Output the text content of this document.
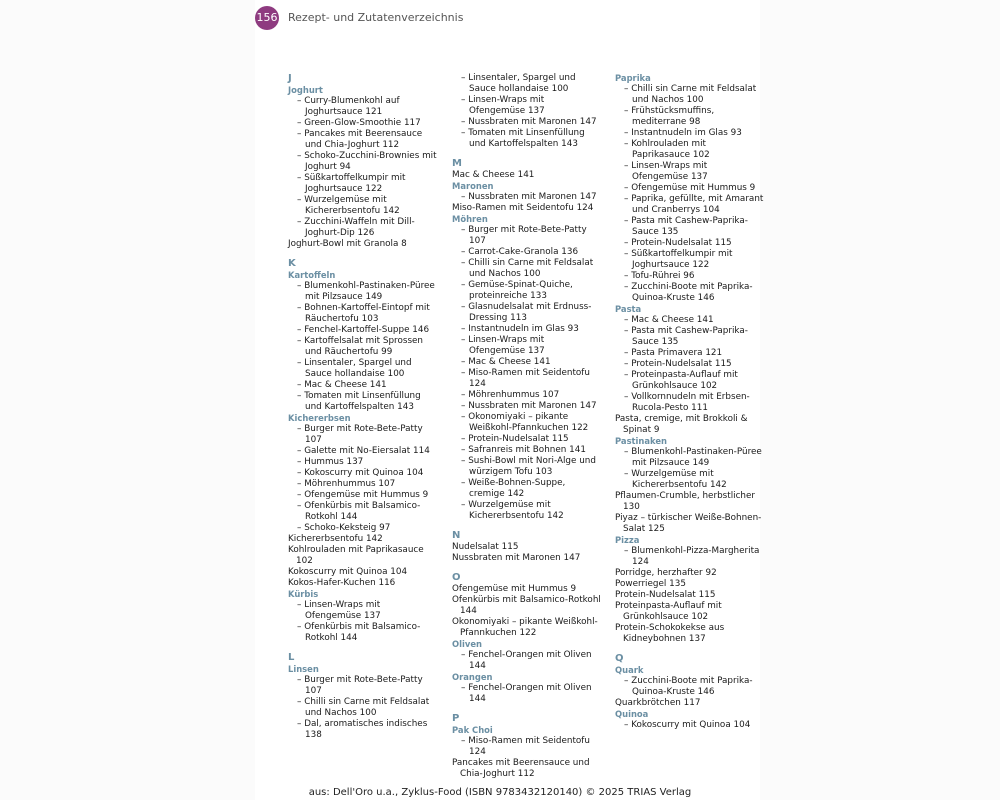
156 Rezept- und Zutatenverzeichnis
J
Joghurt
– Curry-Blumenkohl auf Joghurtsauce 121
– Green-Glow-Smoothie 117
– Pancakes mit Beerensauce und Chia-Joghurt 112
– Schoko-Zucchini-Brownies mit Joghurt 94
– Süßkartoffelkumpir mit Joghurtsauce 122
– Wurzelgemüse mit Kichererbsentofu 142
– Zucchini-Waffeln mit Dill-Joghurt-Dip 126
Joghurt-Bowl mit Granola 8
K
Kartoffeln
– Blumenkohl-Pastinaken-Püree mit Pilzsauce 149
– Bohnen-Kartoffel-Eintopf mit Räuchertofu 103
– Fenchel-Kartoffel-Suppe 146
– Kartoffelsalat mit Sprossen und Räuchertofu 99
– Linsentaler, Spargel und Sauce hollandaise 100
– Mac & Cheese 141
– Tomaten mit Linsenfüllung und Kartoffelspalten 143
Kichererbsen
– Burger mit Rote-Bete-Patty 107
– Galette mit No-Eiersalat 114
– Hummus 137
– Kokoscurry mit Quinoa 104
– Möhrenhummus 107
– Ofengemüse mit Hummus 9
– Ofenkürbis mit Balsamico-Rotkohl 144
– Schoko-Keksteig 97
Kichererbsentofu 142
Kohlrouladen mit Paprikasauce 102
Kokoscurry mit Quinoa 104
Kokos-Hafer-Kuchen 116
Kürbis
– Linsen-Wraps mit Ofengemüse 137
– Ofenkürbis mit Balsamico-Rotkohl 144
L
Linsen
– Burger mit Rote-Bete-Patty 107
– Chilli sin Carne mit Feldsalat und Nachos 100
– Dal, aromatisches indisches 138
– Linsentaler, Spargel und Sauce hollandaise 100
– Linsen-Wraps mit Ofengemüse 137
– Nussbraten mit Maronen 147
– Tomaten mit Linsenfüllung und Kartoffelspalten 143
M
Mac & Cheese 141
Maronen
– Nussbraten mit Maronen 147
Miso-Ramen mit Seidentofu 124
Möhren
– Burger mit Rote-Bete-Patty 107
– Carrot-Cake-Granola 136
– Chilli sin Carne mit Feldsalat und Nachos 100
– Gemüse-Spinat-Quiche, proteinreiche 133
– Glasnudelsalat mit Erdnuss-Dressing 113
– Instantnudeln im Glas 93
– Linsen-Wraps mit Ofengemüse 137
– Mac & Cheese 141
– Miso-Ramen mit Seidentofu 124
– Möhrenhummus 107
– Nussbraten mit Maronen 147
– Okonomiyaki – pikante Weißkohl-Pfannkuchen 122
– Protein-Nudelsalat 115
– Safranreis mit Bohnen 141
– Sushi-Bowl mit Nori-Alge und würzigem Tofu 103
– Weiße-Bohnen-Suppe, cremige 142
– Wurzelgemüse mit Kichererbsentofu 142
N
Nudelsalat 115
Nussbraten mit Maronen 147
O
Ofengemüse mit Hummus 9
Ofenkürbis mit Balsamico-Rotkohl 144
Okonomiyaki – pikante Weißkohl-Pfannkuchen 122
Oliven
– Fenchel-Orangen mit Oliven 144
Orangen
– Fenchel-Orangen mit Oliven 144
P
Pak Choi
– Miso-Ramen mit Seidentofu 124
Pancakes mit Beerensauce und Chia-Joghurt 112
Paprika
– Chilli sin Carne mit Feldsalat und Nachos 100
– Frühstücksmuffins, mediterrane 98
– Instantnudeln im Glas 93
– Kohlrouladen mit Paprikasauce 102
– Linsen-Wraps mit Ofengemüse 137
– Ofengemüse mit Hummus 9
– Paprika, gefüllte, mit Amarant und Cranberrys 104
– Pasta mit Cashew-Paprika-Sauce 135
– Protein-Nudelsalat 115
– Süßkartoffelkumpir mit Joghurtsauce 122
– Tofu-Rührei 96
– Zucchini-Boote mit Paprika-Quinoa-Kruste 146
Pasta
– Mac & Cheese 141
– Pasta mit Cashew-Paprika-Sauce 135
– Pasta Primavera 121
– Protein-Nudelsalat 115
– Proteinpasta-Auflauf mit Grünkohlsauce 102
– Vollkornnudeln mit Erbsen-Rucola-Pesto 111
Pasta, cremige, mit Brokkoli & Spinat 9
Pastinaken
– Blumenkohl-Pastinaken-Püree mit Pilzsauce 149
– Wurzelgemüse mit Kichererbsentofu 142
Pflaumen-Crumble, herbstlicher 130
Piyaz – türkischer Weiße-Bohnen-Salat 125
Pizza
– Blumenkohl-Pizza-Margherita 124
Porridge, herzhafter 92
Powerriegel 135
Protein-Nudelsalat 115
Proteinpasta-Auflauf mit Grünkohlsauce 102
Protein-Schokokekse aus Kidneybohnen 137
Q
Quark
– Zucchini-Boote mit Paprika-Quinoa-Kruste 146
Quarkbrötchen 117
Quinoa
– Kokoscurry mit Quinoa 104
aus: Dell'Oro u.a., Zyklus-Food (ISBN 9783432120140) © 2025 TRIAS Verlag
